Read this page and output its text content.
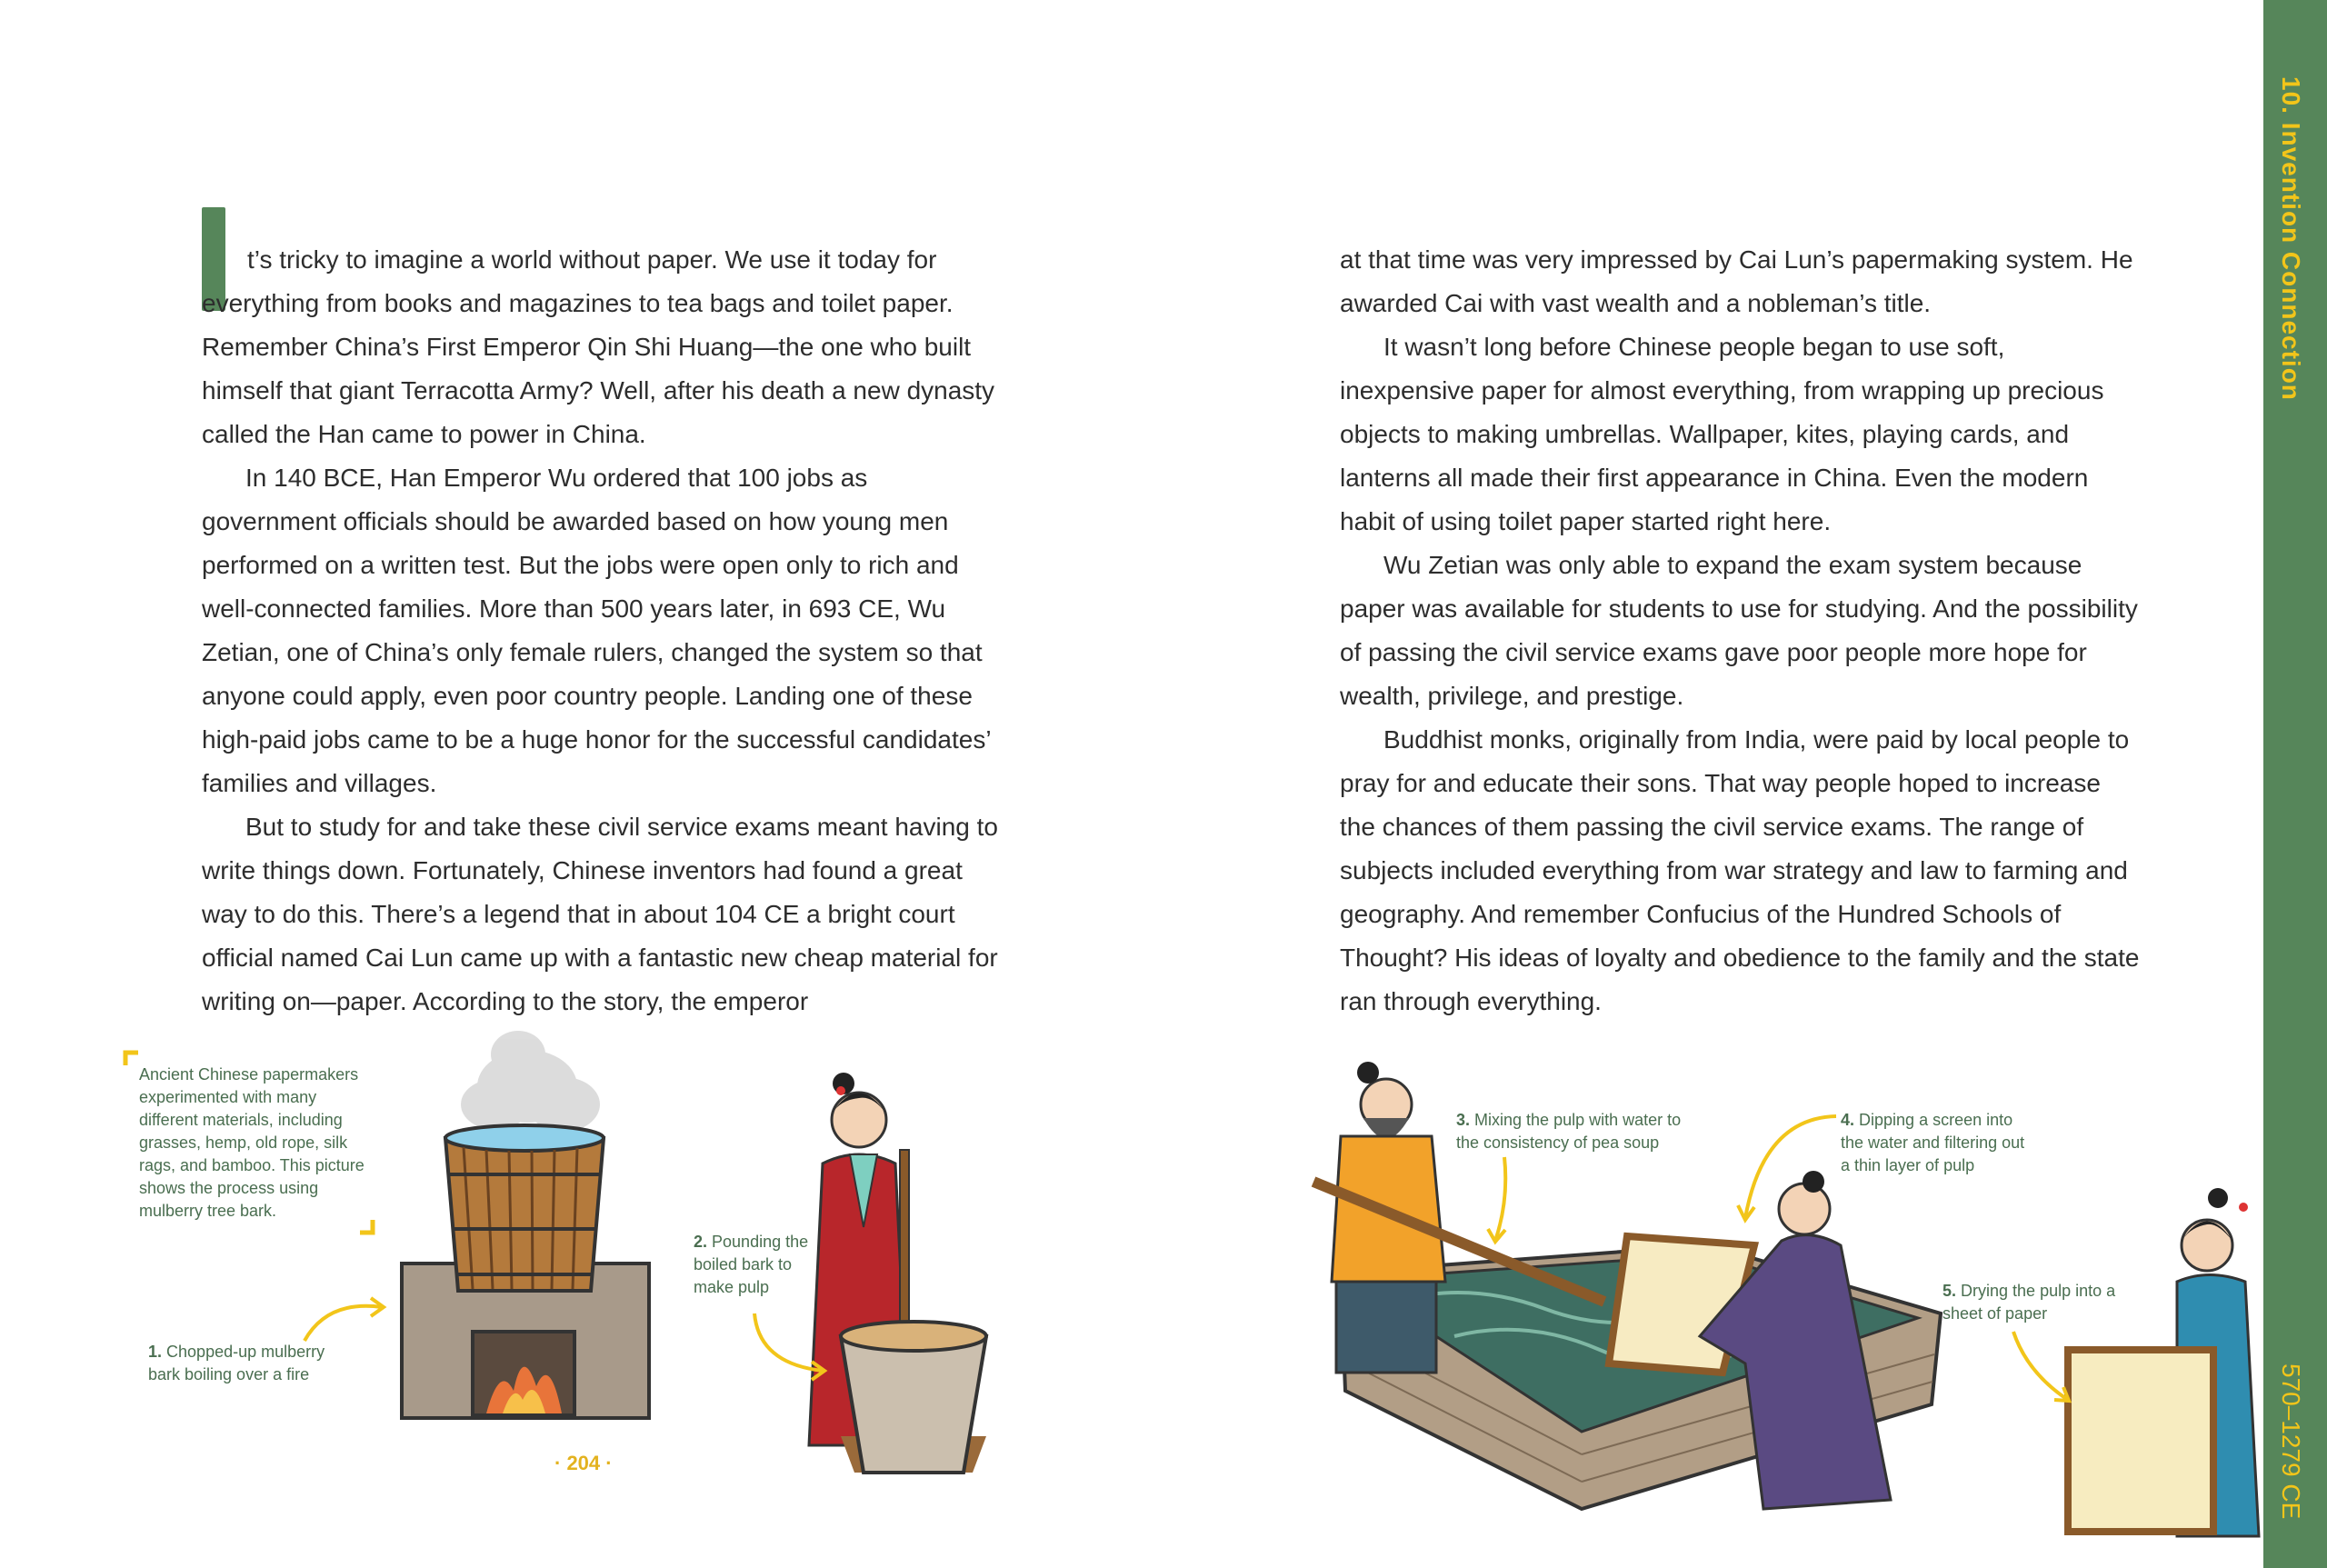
t’s tricky to imagine a world without paper. We use it today for everything from books and magazines to tea bags and toilet paper. Remember China’s First Emperor Qin Shi Huang—the one who built himself that giant Terracotta Army? Well, after his death a new dynasty called the Han came to power in China.

In 140 BCE, Han Emperor Wu ordered that 100 jobs as government officials should be awarded based on how young men performed on a written test. But the jobs were open only to rich and well-connected families. More than 500 years later, in 693 CE, Wu Zetian, one of China’s only female rulers, changed the system so that anyone could apply, even poor country people. Landing one of these high-paid jobs came to be a huge honor for the successful candidates’ families and villages.

But to study for and take these civil service exams meant having to write things down. Fortunately, Chinese inventors had found a great way to do this. There’s a legend that in about 104 CE a bright court official named Cai Lun came up with a fantastic new cheap material for writing on—paper. According to the story, the emperor

at that time was very impressed by Cai Lun’s papermaking system. He awarded Cai with vast wealth and a nobleman’s title.

It wasn’t long before Chinese people began to use soft, inexpensive paper for almost everything, from wrapping up precious objects to making umbrellas. Wallpaper, kites, playing cards, and lanterns all made their first appearance in China. Even the modern habit of using toilet paper started right here.

Wu Zetian was only able to expand the exam system because paper was available for students to use for studying. And the possibility of passing the civil service exams gave poor people more hope for wealth, privilege, and prestige.

Buddhist monks, originally from India, were paid by local people to pray for and educate their sons. That way people hoped to increase the chances of them passing the civil service exams. The range of subjects included everything from war strategy and law to farming and geography. And remember Confucius of the Hundred Schools of Thought? His ideas of loyalty and obedience to the family and the state ran through everything.

Ancient Chinese papermakers experimented with many different materials, including grasses, hemp, old rope, silk rags, and bamboo. This picture shows the process using mulberry tree bark.
1. Chopped-up mulberry bark boiling over a fire
2. Pounding the boiled bark to make pulp
3. Mixing the pulp with water to the consistency of pea soup
4. Dipping a screen into the water and filtering out a thin layer of pulp
5. Drying the pulp into a sheet of paper
· 204 ·
10. Invention Connection
570–1279 CE
